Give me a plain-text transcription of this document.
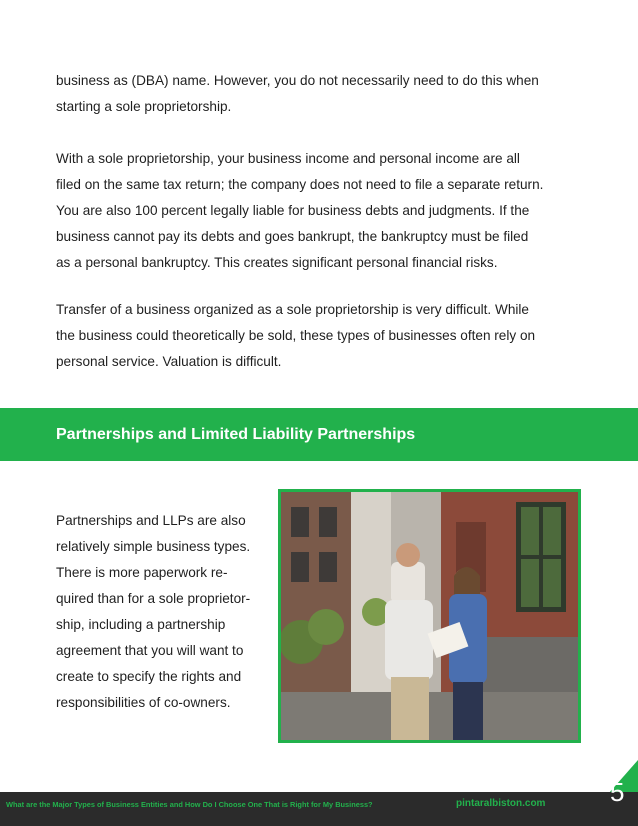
business as (DBA) name. However, you do not necessarily need to do this when
starting a sole proprietorship.
With a sole proprietorship, your business income and personal income are all
filed on the same tax return; the company does not need to file a separate return.
You are also 100 percent legally liable for business debts and judgments. If the
business cannot pay its debts and goes bankrupt, the bankruptcy must be filed
as a personal bankruptcy. This creates significant personal financial risks.
Transfer of a business organized as a sole proprietorship is very difficult. While
the business could theoretically be sold, these types of businesses often rely on
personal service. Valuation is difficult.
Partnerships and Limited Liability Partnerships
Partnerships and LLPs are also
relatively simple business types.
There is more paperwork re-
quired than for a sole proprietor-
ship, including a partnership
agreement that you will want to
create to specify the rights and
responsibilities of co-owners.

What are the Major Types of Business Entities and How Do I Choose One That is Right for My Business?	pintaralbiston.com 5
